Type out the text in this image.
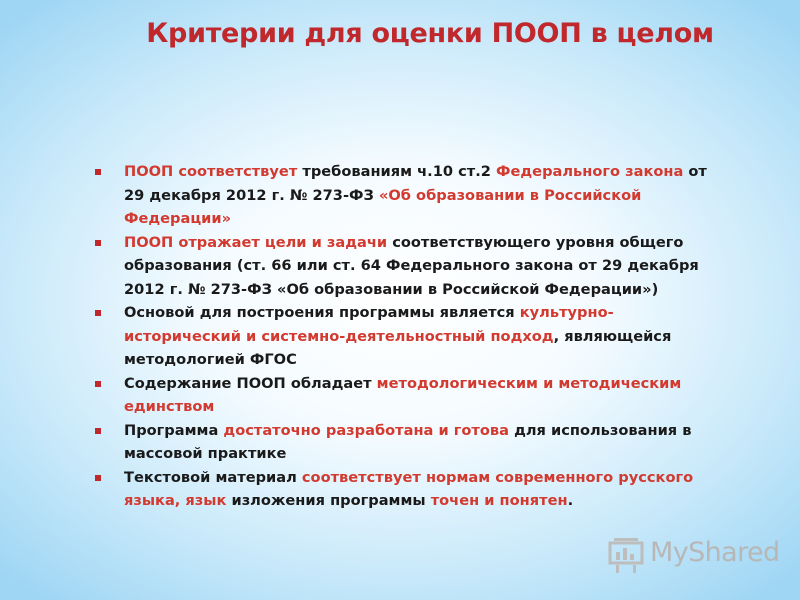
Критерии для оценки ПООП в целом
ПООП соответствует требованиям ч.10 ст.2 Федерального закона от 29 декабря 2012 г. № 273-ФЗ «Об образовании в Российской Федерации»
ПООП отражает цели и задачи соответствующего уровня общего образования (ст. 66 или ст. 64 Федерального закона от 29 декабря 2012 г. № 273-ФЗ «Об образовании в Российской Федерации»)
Основой для построения программы является культурно-исторический и системно-деятельностный подход, являющейся методологией ФГОС
Содержание ПООП обладает методологическим и методическим единством
Программа достаточно разработана и готова для использования в массовой практике
Текстовой материал соответствует нормам современного русского языка, язык изложения программы точен и понятен.
MyShared
